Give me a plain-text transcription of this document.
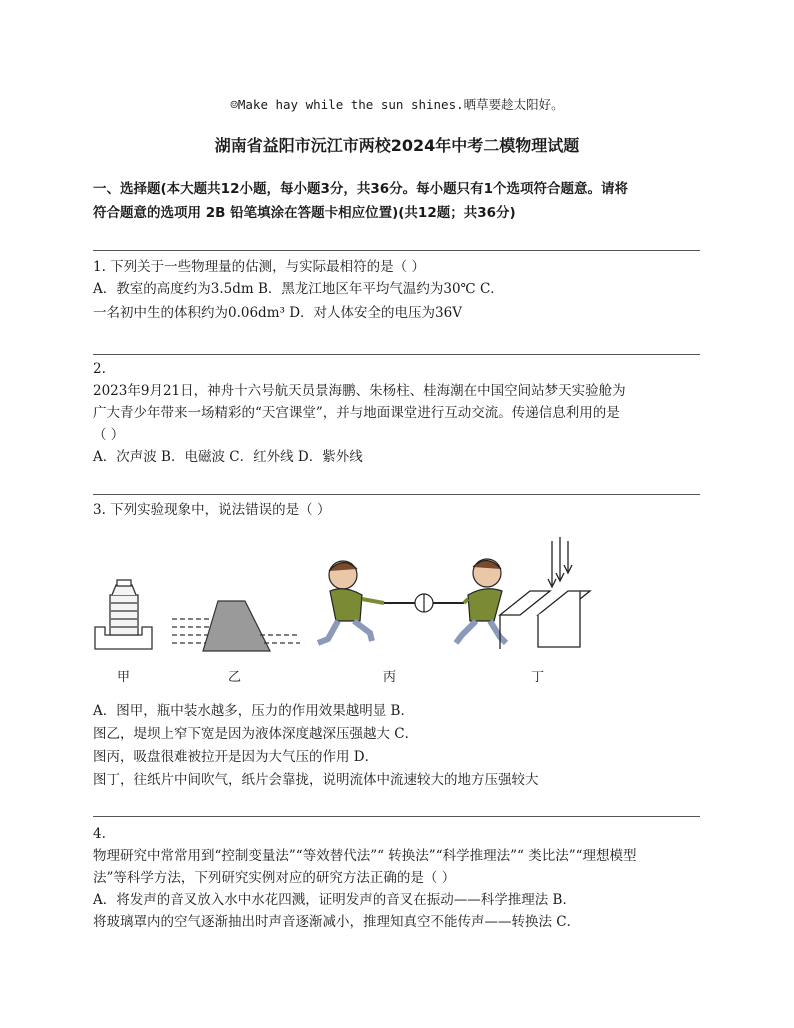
☺Make hay while the sun shines.晒草要趁太阳好。
湖南省益阳市沅江市两校2024年中考二模物理试题
一、选择题(本大题共12小题，每小题3分，共36分。每小题只有1个选项符合题意。请将
符合题意的选项用 2B 铅笔填涂在答题卡相应位置)(共12题；共36分)

1. 下列关于一些物理量的估测，与实际最相符的是（ ）

A．教室的高度约为3.5dm B．黑龙江地区年平均气温约为30℃ C．

一名初中生的体积约为0.06dm³ D．对人体安全的电压为36V

2.

2023年9月21日，神舟十六号航天员景海鹏、朱杨柱、桂海潮在中国空间站梦天实验舱为

广大青少年带来一场精彩的“天宫课堂”，并与地面课堂进行互动交流。传递信息利用的是

（ ）

A．次声波 B．电磁波 C．红外线 D．紫外线

3. 下列实验现象中，说法错误的是（ ）
甲	乙	丙	丁

A．图甲，瓶中装水越多，压力的作用效果越明显 B．

图乙，堤坝上窄下宽是因为液体深度越深压强越大 C．

图丙，吸盘很难被拉开是因为大气压的作用 D．

图丁，往纸片中间吹气，纸片会靠拢，说明流体中流速较大的地方压强较大

4.

物理研究中常常用到“控制变量法”“等效替代法”“ 转换法”“科学推理法”“ 类比法”“理想模型

法”等科学方法，下列研究实例对应的研究方法正确的是（ ）

A．将发声的音叉放入水中水花四溅，证明发声的音叉在振动——科学推理法 B．

将玻璃罩内的空气逐渐抽出时声音逐渐减小，推理知真空不能传声——转换法 C．
